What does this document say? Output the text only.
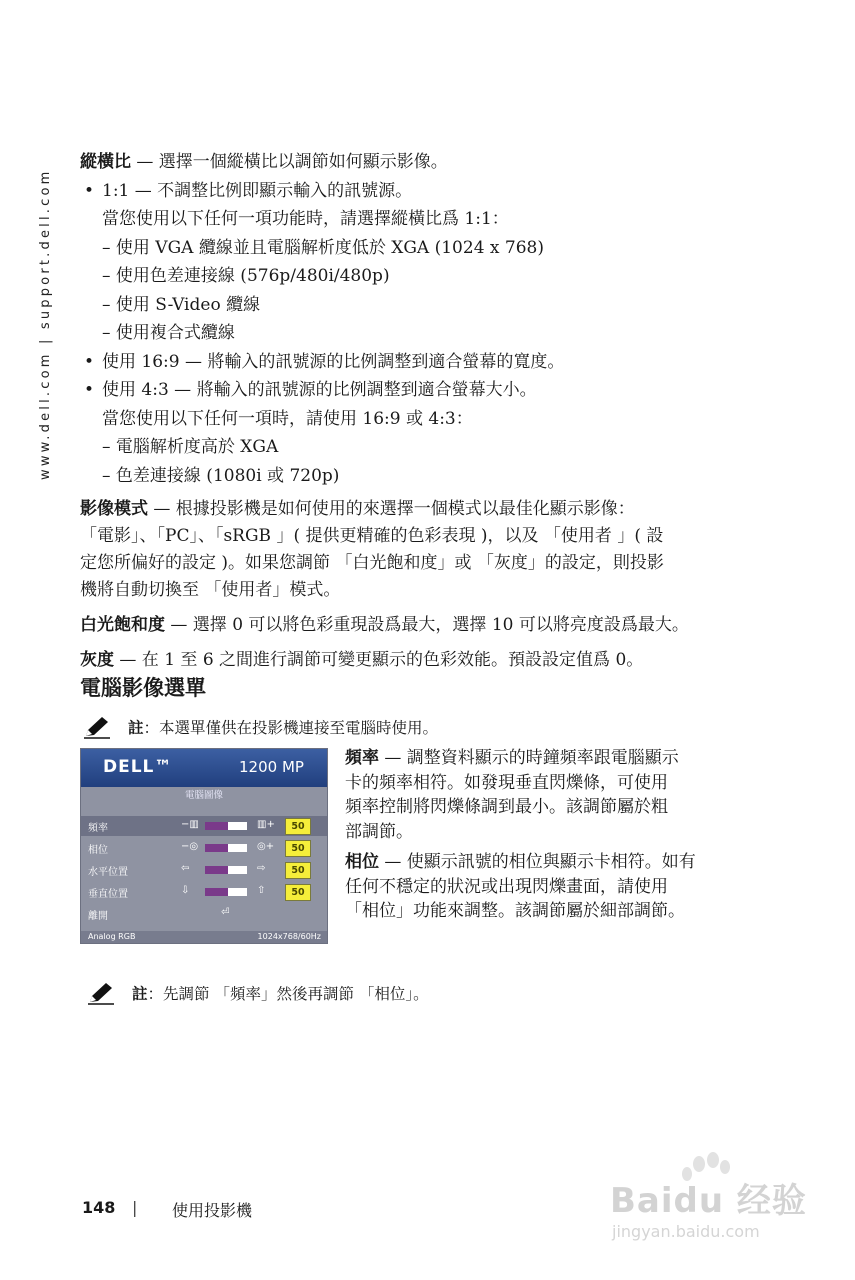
www.dell.com | support.dell.com
縱橫比 — 選擇一個縱橫比以調節如何顯示影像。
• 1:1 — 不調整比例即顯示輸入的訊號源。
當您使用以下任何一項功能時，請選擇縱橫比爲 1:1：
– 使用 VGA 纜線並且電腦解析度低於 XGA (1024 x 768)
– 使用色差連接線 (576p/480i/480p)
– 使用 S-Video 纜線
– 使用複合式纜線
• 使用 16:9 — 將輸入的訊號源的比例調整到適合螢幕的寬度。
• 使用 4:3 — 將輸入的訊號源的比例調整到適合螢幕大小。
當您使用以下任何一項時，請使用 16:9 或 4:3：
– 電腦解析度高於 XGA
– 色差連接線 (1080i 或 720p)
影像模式 — 根據投影機是如何使用的來選擇一個模式以最佳化顯示影像：
「電影」、「PC」、「sRGB 」( 提供更精確的色彩表現 )，以及 「使用者 」( 設
定您所偏好的設定 )。如果您調節 「白光飽和度」或 「灰度」的設定，則投影
機將自動切換至 「使用者」模式。
白光飽和度 — 選擇 0 可以將色彩重現設爲最大，選擇 10 可以將亮度設爲最大。
灰度 — 在 1 至 6 之間進行調節可變更顯示的色彩效能。預設設定值爲 0。
電腦影像選單
註 ：本選單僅供在投影機連接至電腦時使用。
DELL™	1200 MP
電腦圖像
頻率	−▥	▥+	50
相位	−◎	◎+	50
水平位置	⇦	⇨	50
垂直位置	⇩	⇧	50
離開	⏎
Analog RGB	1024x768/60Hz
頻率 — 調整資料顯示的時鐘頻率跟電腦顯示
卡的頻率相符。如發現垂直閃爍條，可使用
頻率控制將閃爍條調到最小。該調節屬於粗
部調節。
相位 — 使顯示訊號的相位與顯示卡相符。如有
任何不穩定的狀況或出現閃爍畫面，請使用
「相位」功能來調整。該調節屬於細部調節。
註 ：先調節 「頻率」然後再調節 「相位」。
148	|	使用投影機	Baidu 经验
jingyan.baidu.com
